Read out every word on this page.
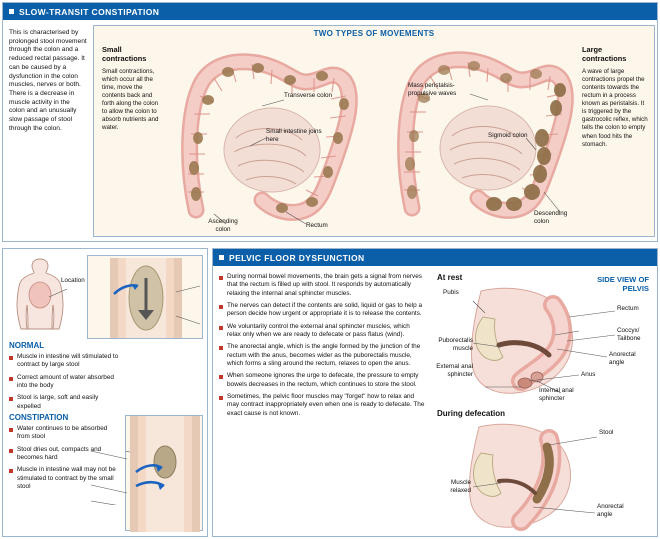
SLOW-TRANSIT CONSTIPATION
This is characterised by prolonged stool movement through the colon and a reduced rectal passage. It can be caused by a dysfunction in the colon muscles, nerves or both. There is a decrease in muscle activity in the colon and an unusually slow passage of stool through the colon.
TWO TYPES OF MOVEMENTS
Small contractions
Small contractions, which occur all the time, move the contents back and forth along the colon to allow the colon to absorb nutrients and water.
Large contractions
A wave of large contractions propel the contents towards the rectum in a process known as peristalsis. It is triggered by the gastrocolic reflex, which tells the colon to empty when food hits the stomach.
Transverse colon
Small intestine joins here
Ascending colon
Rectum
Mass peristalsis-propulsive waves
Sigmoid colon
Descending colon
Location
NORMAL
Muscle in intestine will stimulated to contract by large stool
Correct amount of water absorbed into the body
Stool is large, soft and easily expelled
CONSTIPATION
Water continues to be absorbed from stool
Stool dries out, compacts and becomes hard
Muscle in intestine wall may not be stimulated to contract by the small stool
PELVIC FLOOR DYSFUNCTION
During normal bowel movements, the brain gets a signal from nerves that the rectum is filled up with stool. It responds by automatically relaxing the internal anal sphincter muscles.
The nerves can detect if the contents are solid, liquid or gas to help a person decide how urgent or appropriate it is to release the contents.
We voluntarily control the external anal sphincter muscles, which relax only when we are ready to defecate or pass flatus (wind).
The anorectal angle, which is the angle formed by the junction of the rectum with the anus, becomes wider as the puborectalis muscle, which forms a sling around the rectum, relaxes to open the anus.
When someone ignores the urge to defecate, the pressure to empty bowels decreases in the rectum, which continues to store the stool.
Sometimes, the pelvic floor muscles may "forget" how to relax and may contract inappropriately even when one is ready to defecate. The exact cause is not known.
SIDE VIEW OF PELVIS
At rest
Pubis
Rectum
Coccyx/ Tailbone
Anorectal angle
Puborectalis muscle
External anal sphincter
Internal anal sphincter
Anus
During defecation
Stool
Muscle relaxed
Anorectal angle
